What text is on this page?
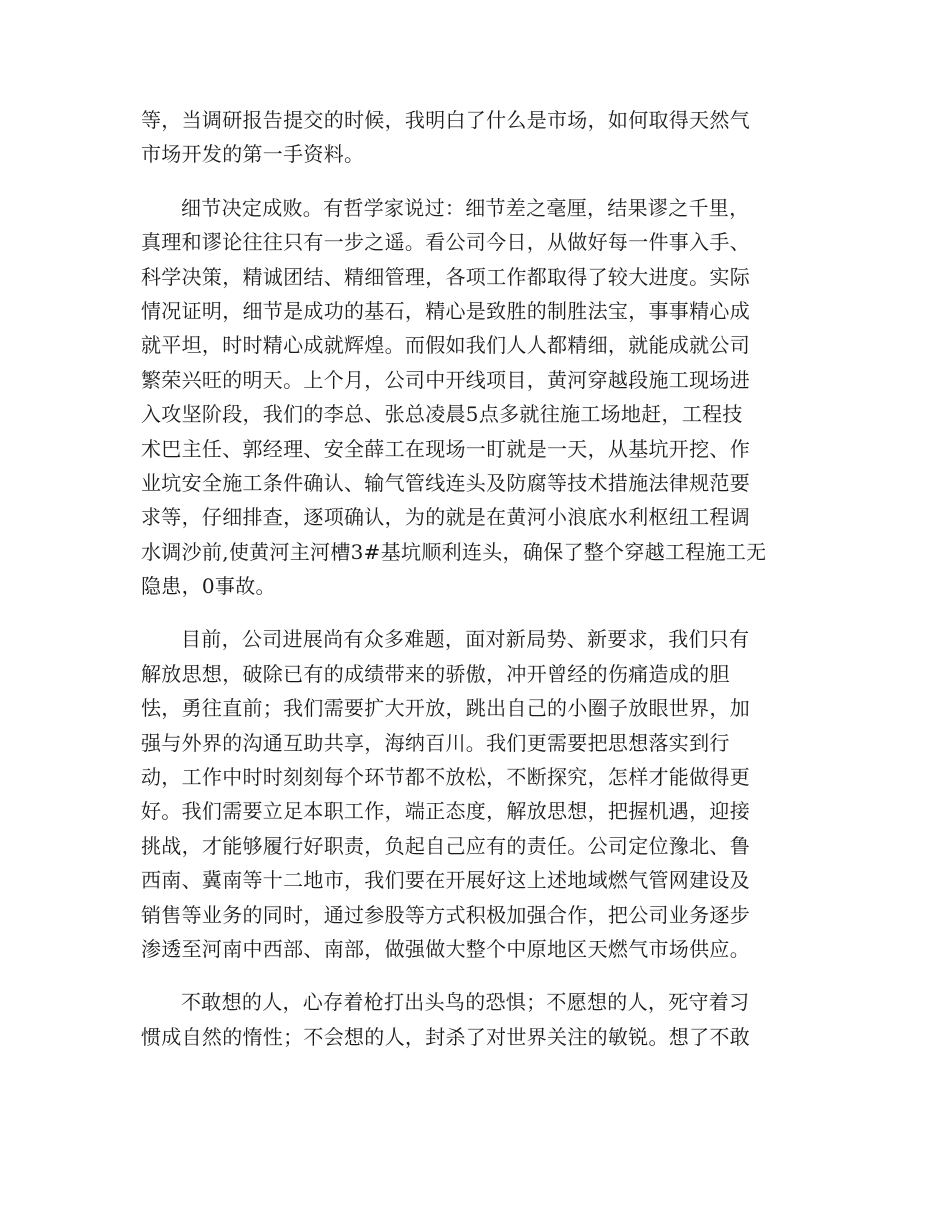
等，当调研报告提交的时候，我明白了什么是市场，如何取得天然气
市场开发的第一手资料。
细节决定成败。有哲学家说过：细节差之毫厘，结果谬之千里，
真理和谬论往往只有一步之遥。看公司今日，从做好每一件事入手、
科学决策，精诚团结、精细管理，各项工作都取得了较大进度。实际
情况证明，细节是成功的基石，精心是致胜的制胜法宝，事事精心成
就平坦，时时精心成就辉煌。而假如我们人人都精细，就能成就公司
繁荣兴旺的明天。上个月，公司中开线项目，黄河穿越段施工现场进
入攻坚阶段，我们的李总、张总凌晨5点多就往施工场地赶，工程技
术巴主任、郭经理、安全薛工在现场一盯就是一天，从基坑开挖、作
业坑安全施工条件确认、输气管线连头及防腐等技术措施法律规范要
求等，仔细排查，逐项确认，为的就是在黄河小浪底水利枢纽工程调
水调沙前,使黄河主河槽3#基坑顺利连头，确保了整个穿越工程施工无
隐患，0事故。
目前，公司进展尚有众多难题，面对新局势、新要求，我们只有
解放思想，破除已有的成绩带来的骄傲，冲开曾经的伤痛造成的胆
怯，勇往直前；我们需要扩大开放，跳出自己的小圈子放眼世界，加
强与外界的沟通互助共享，海纳百川。我们更需要把思想落实到行
动，工作中时时刻刻每个环节都不放松，不断探究，怎样才能做得更
好。我们需要立足本职工作，端正态度，解放思想，把握机遇，迎接
挑战，才能够履行好职责，负起自己应有的责任。公司定位豫北、鲁
西南、冀南等十二地市，我们要在开展好这上述地域燃气管网建设及
销售等业务的同时，通过参股等方式积极加强合作，把公司业务逐步
渗透至河南中西部、南部，做强做大整个中原地区天燃气市场供应。
不敢想的人，心存着枪打出头鸟的恐惧；不愿想的人，死守着习
惯成自然的惰性；不会想的人，封杀了对世界关注的敏锐。想了不敢
